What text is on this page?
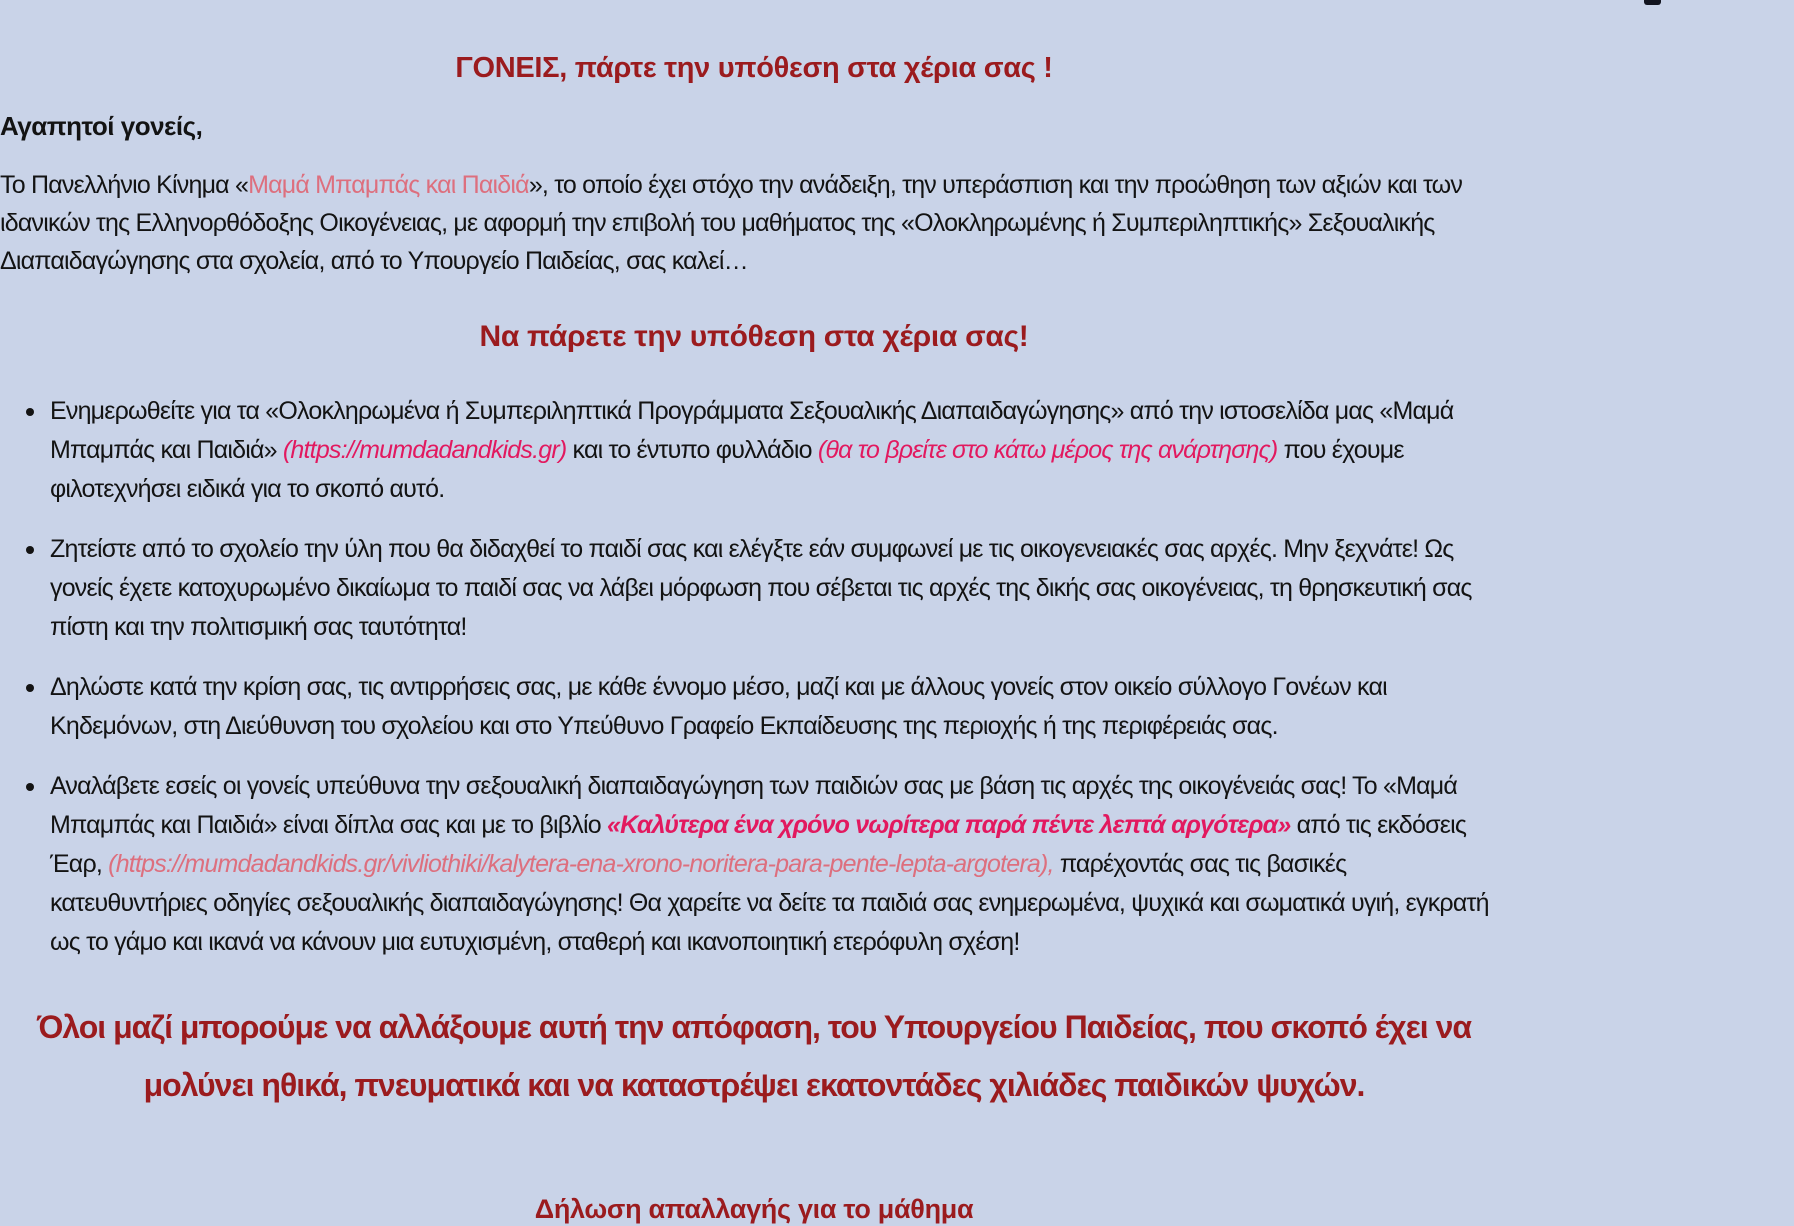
ΓΟΝΕΙΣ, πάρτε την υπόθεση στα χέρια σας !

Αγαπητοί γονείς,

Το Πανελλήνιο Κίνημα «Μαμά Μπαμπάς και Παιδιά», το οποίο έχει στόχο την ανάδειξη, την υπεράσπιση και την προώθηση των αξιών και των ιδανικών της Ελληνορθόδοξης Οικογένειας, με αφορμή την επιβολή του μαθήματος της «Ολοκληρωμένης ή Συμπεριληπτικής» Σεξουαλικής Διαπαιδαγώγησης στα σχολεία, από το Υπουργείο Παιδείας, σας καλεί…

Να πάρετε την υπόθεση στα χέρια σας!
Ενημερωθείτε για τα «Ολοκληρωμένα ή Συμπεριληπτικά Προγράμματα Σεξουαλικής Διαπαιδαγώγησης» από την ιστοσελίδα μας «Μαμά Μπαμπάς και Παιδιά» (https://mumdadandkids.gr) και το έντυπο φυλλάδιο (θα το βρείτε στο κάτω μέρος της ανάρτησης) που έχουμε φιλοτεχνήσει ειδικά για το σκοπό αυτό.
Ζητείστε από το σχολείο την ύλη που θα διδαχθεί το παιδί σας και ελέγξτε εάν συμφωνεί με τις οικογενειακές σας αρχές. Μην ξεχνάτε! Ως γονείς έχετε κατοχυρωμένο δικαίωμα το παιδί σας να λάβει μόρφωση που σέβεται τις αρχές της δικής σας οικογένειας, τη θρησκευτική σας πίστη και την πολιτισμική σας ταυτότητα!
Δηλώστε κατά την κρίση σας, τις αντιρρήσεις σας, με κάθε έννομο μέσο, μαζί και με άλλους γονείς στον οικείο σύλλογο Γονέων και Κηδεμόνων, στη Διεύθυνση του σχολείου και στο Υπεύθυνο Γραφείο Εκπαίδευσης της περιοχής ή της περιφέρειάς σας.
Αναλάβετε εσείς οι γονείς υπεύθυνα την σεξουαλική διαπαιδαγώγηση των παιδιών σας με βάση τις αρχές της οικογένειάς σας! Το «Μαμά Μπαμπάς και Παιδιά» είναι δίπλα σας και με το βιβλίο «Καλύτερα ένα χρόνο νωρίτερα παρά πέντε λεπτά αργότερα» από τις εκδόσεις Έαρ, (https://mumdadandkids.gr/vivliothiki/kalytera-ena-xrono-noritera-para-pente-lepta-argotera), παρέχοντάς σας τις βασικές κατευθυντήριες οδηγίες σεξουαλικής διαπαιδαγώγησης! Θα χαρείτε να δείτε τα παιδιά σας ενημερωμένα, ψυχικά και σωματικά υγιή, εγκρατή ως το γάμο και ικανά να κάνουν μια ευτυχισμένη, σταθερή και ικανοποιητική ετερόφυλη σχέση!
Όλοι μαζί μπορούμε να αλλάξουμε αυτή την απόφαση, του Υπουργείου Παιδείας, που σκοπό έχει να μολύνει ηθικά, πνευματικά και να καταστρέψει εκατοντάδες χιλιάδες παιδικών ψυχών.
Δήλωση απαλλαγής για το μάθημα
